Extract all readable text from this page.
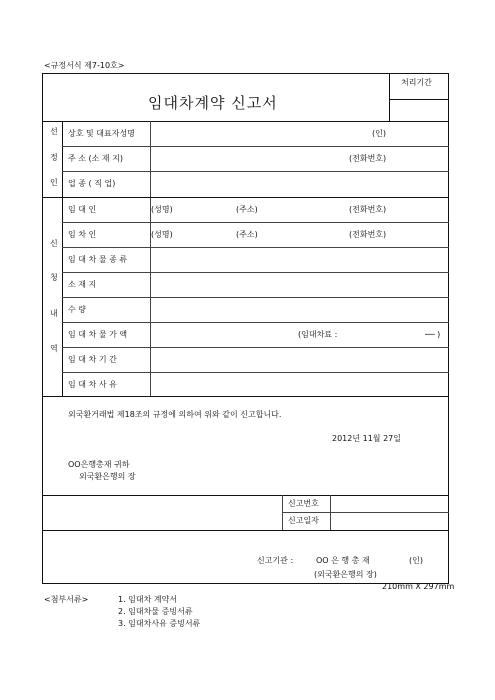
<규정서식 제7-10호>
임대차계약 신고서
처리기간
선
정
인
상호 및 대표자성명	(인)
주 소 (소 재 지)	(전화번호)
업 종 ( 직 업)
신
청
내
역
임 대 인	(성명)	(주소)	(전화번호)
임 차 인	(성명)	(주소)	(전화번호)
임 대 차 물 종 류
소 재 지
수 량
임 대 차 물 가 액	(임대차료 :	── )
임 대 차 기 간
임 대 차 사 유
외국환거래법 제18조의 규정에 의하여 위와 같이 신고합니다.
2012년 11월 27일
OO은행총재 귀하
외국환은행의 장
신고번호
신고일자
신고기관 :	OO 은 행 총 재	(인)
(외국환은행의 장)
210mm X 297mm
<첨부서류>	1. 임대차 계약서
2. 임대차물 증빙서류
3. 임대차사유 증빙서류
